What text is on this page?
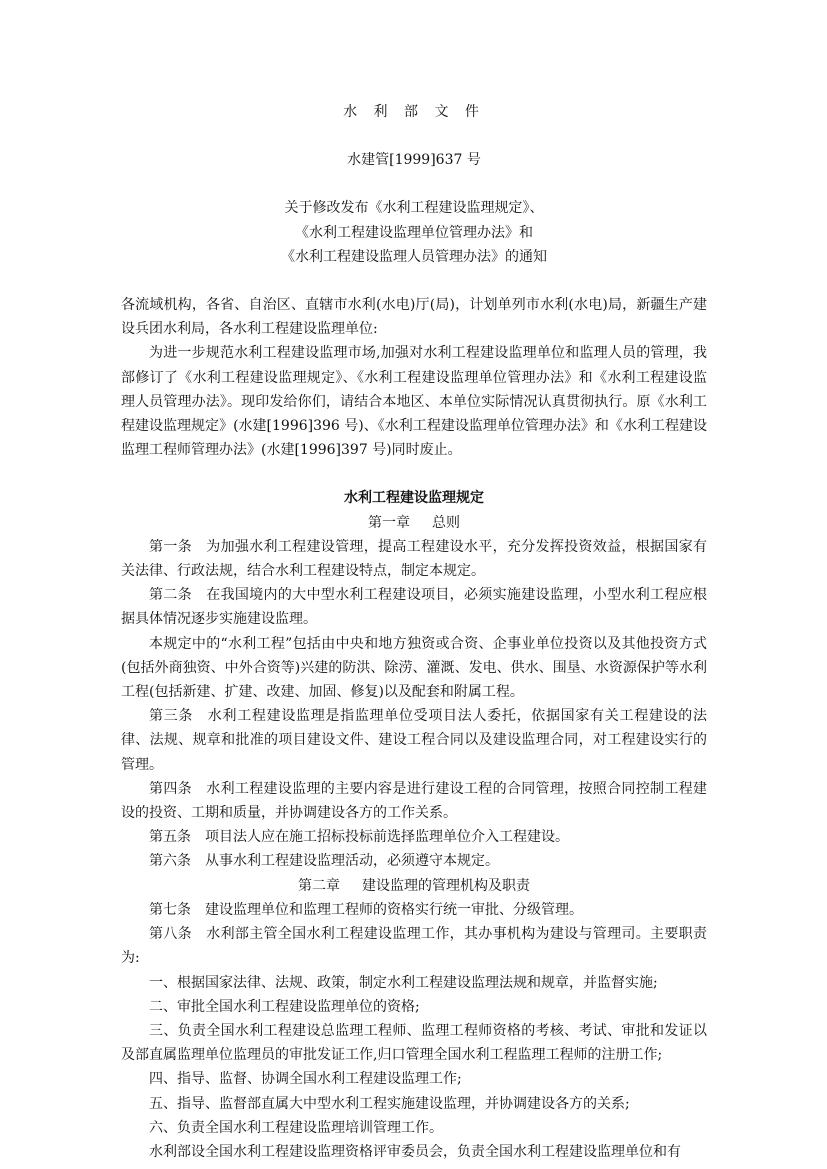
水 利 部 文 件
水建管[1999]637 号
关于修改发布《水利工程建设监理规定》、
《水利工程建设监理单位管理办法》和
《水利工程建设监理人员管理办法》的通知

各流域机构，各省、自治区、直辖市水利(水电)厅(局)，计划单列市水利(水电)局，新疆生产建设兵团水利局，各水利工程建设监理单位:

为进一步规范水利工程建设监理市场,加强对水利工程建设监理单位和监理人员的管理，我部修订了《水利工程建设监理规定》、《水利工程建设监理单位管理办法》和《水利工程建设监理人员管理办法》。现印发给你们，请结合本地区、本单位实际情况认真贯彻执行。原《水利工程建设监理规定》(水建[1996]396 号)、《水利工程建设监理单位管理办法》和《水利工程建设监理工程师管理办法》(水建[1996]397 号)同时废止。

水利工程建设监理规定
第一章 总则

第一条 为加强水利工程建设管理，提高工程建设水平，充分发挥投资效益，根据国家有关法律、行政法规，结合水利工程建设特点，制定本规定。

第二条 在我国境内的大中型水利工程建设项目，必须实施建设监理，小型水利工程应根据具体情况逐步实施建设监理。

本规定中的“水利工程”包括由中央和地方独资或合资、企事业单位投资以及其他投资方式(包括外商独资、中外合资等)兴建的防洪、除涝、灌溉、发电、供水、围垦、水资源保护等水利工程(包括新建、扩建、改建、加固、修复)以及配套和附属工程。

第三条 水利工程建设监理是指监理单位受项目法人委托，依据国家有关工程建设的法律、法规、规章和批准的项目建设文件、建设工程合同以及建设监理合同，对工程建设实行的管理。

第四条 水利工程建设监理的主要内容是进行建设工程的合同管理，按照合同控制工程建设的投资、工期和质量，并协调建设各方的工作关系。

第五条 项目法人应在施工招标投标前选择监理单位介入工程建设。

第六条 从事水利工程建设监理活动，必须遵守本规定。

第二章 建设监理的管理机构及职责

第七条 建设监理单位和监理工程师的资格实行统一审批、分级管理。

第八条 水利部主管全国水利工程建设监理工作，其办事机构为建设与管理司。主要职责为:

一、根据国家法律、法规、政策，制定水利工程建设监理法规和规章，并监督实施;

二、审批全国水利工程建设监理单位的资格;

三、负责全国水利工程建设总监理工程师、监理工程师资格的考核、考试、审批和发证以及部直属监理单位监理员的审批发证工作,归口管理全国水利工程监理工程师的注册工作;

四、指导、监督、协调全国水利工程建设监理工作;

五、指导、监督部直属大中型水利工程实施建设监理，并协调建设各方的关系;

六、负责全国水利工程建设监理培训管理工作。

水利部设全国水利工程建设监理资格评审委员会，负责全国水利工程建设监理单位和有
